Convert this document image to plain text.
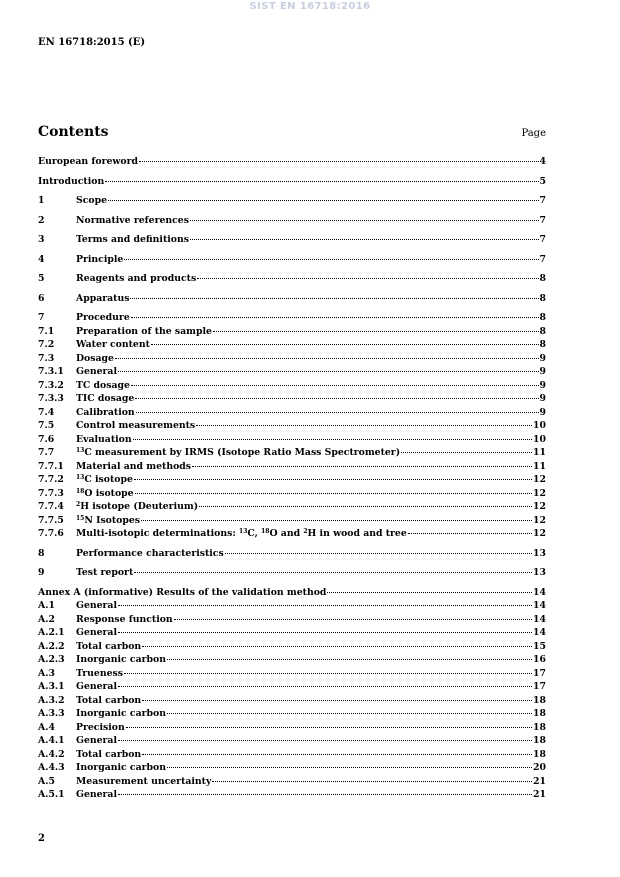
SIST EN 16718:2016
EN 16718:2015 (E)
Contents	Page
European foreword	4
Introduction	5
1	Scope	7
2	Normative references	7
3	Terms and definitions	7
4	Principle	7
5	Reagents and products	8
6	Apparatus	8
7	Procedure	8
7.1	Preparation of the sample	8
7.2	Water content	8
7.3	Dosage	9
7.3.1	General	9
7.3.2	TC dosage	9
7.3.3	TIC dosage	9
7.4	Calibration	9
7.5	Control measurements	10
7.6	Evaluation	10
7.7	$^{13}$C measurement by IRMS (Isotope Ratio Mass Spectrometer)	11
7.7.1	Material and methods	11
7.7.2	$^{13}$C isotope	12
7.7.3	$^{18}$O isotope	12
7.7.4	$^2$H isotope (Deuterium)	12
7.7.5	$^{15}$N Isotopes	12
7.7.6	Multi-isotopic determinations: $^{13}$C, $^{18}$O and $^2$H in wood and tree	12
8	Performance characteristics	13
9	Test report	13
Annex A (informative) Results of the validation method	14
A.1	General	14
A.2	Response function	14
A.2.1	General	14
A.2.2	Total carbon	15
A.2.3	Inorganic carbon	16
A.3	Trueness	17
A.3.1	General	17
A.3.2	Total carbon	18
A.3.3	Inorganic carbon	18
A.4	Precision	18
A.4.1	General	18
A.4.2	Total carbon	18
A.4.3	Inorganic carbon	20
A.5	Measurement uncertainty	21
A.5.1	General	21
2
